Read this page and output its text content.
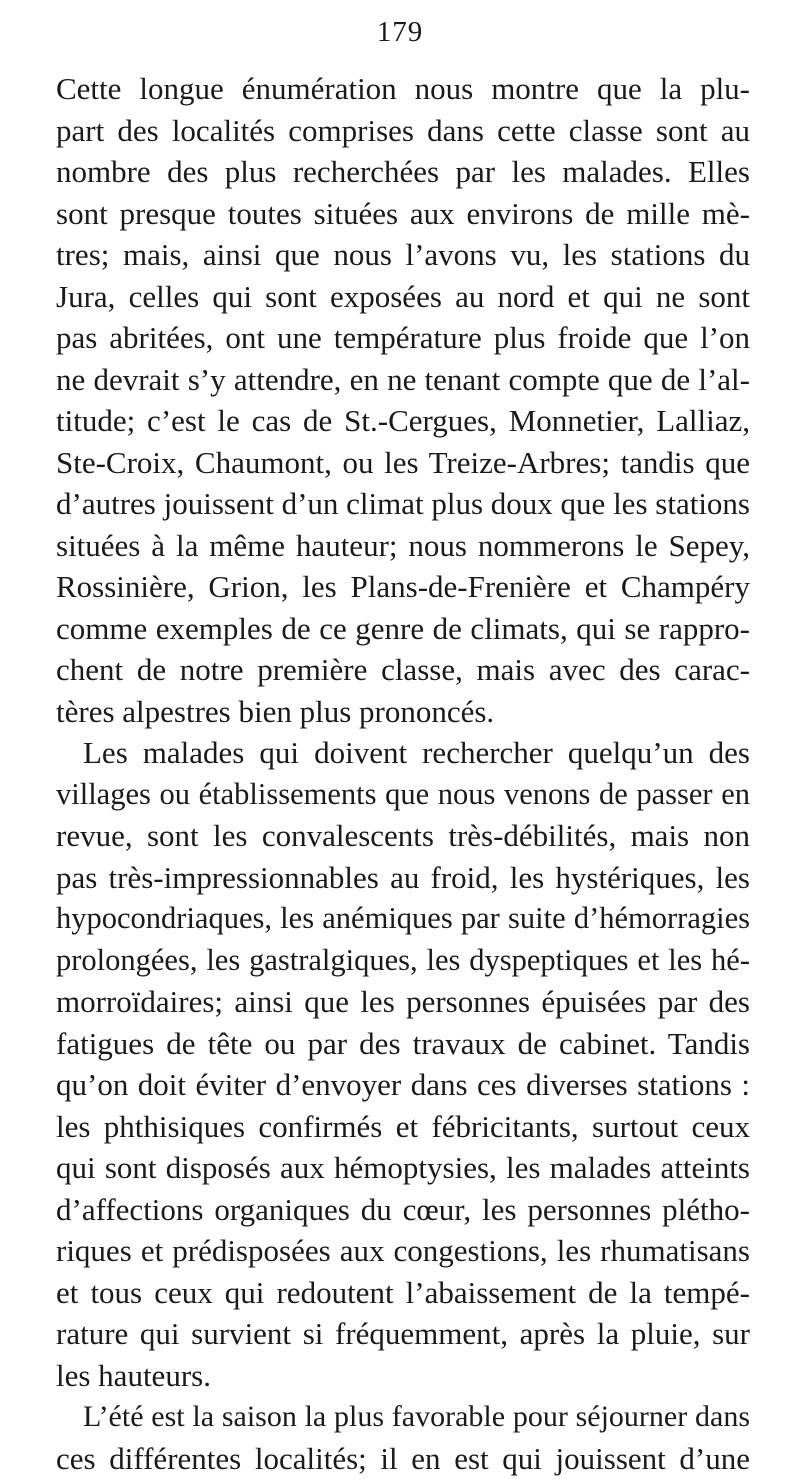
179
Cette longue énumération nous montre que la plu-
part des localités comprises dans cette classe sont au
nombre des plus recherchées par les malades. Elles
sont presque toutes situées aux environs de mille mè-
tres; mais, ainsi que nous l’avons vu, les stations du
Jura, celles qui sont exposées au nord et qui ne sont
pas abritées, ont une température plus froide que l’on
ne devrait s’y attendre, en ne tenant compte que de l’al-
titude; c’est le cas de St.-Cergues, Monnetier, Lalliaz,
Ste-Croix, Chaumont, ou les Treize-Arbres; tandis que
d’autres jouissent d’un climat plus doux que les stations
situées à la même hauteur; nous nommerons le Sepey,
Rossinière, Grion, les Plans-de-Frenière et Champéry
comme exemples de ce genre de climats, qui se rappro-
chent de notre première classe, mais avec des carac-
tères alpestres bien plus prononcés.
Les malades qui doivent rechercher quelqu’un des
villages ou établissements que nous venons de passer en
revue, sont les convalescents très-débilités, mais non
pas très-impressionnables au froid, les hystériques, les
hypocondriaques, les anémiques par suite d’hémorragies
prolongées, les gastralgiques, les dyspeptiques et les hé-
morroïdaires; ainsi que les personnes épuisées par des
fatigues de tête ou par des travaux de cabinet. Tandis
qu’on doit éviter d’envoyer dans ces diverses stations :
les phthisiques confirmés et fébricitants, surtout ceux
qui sont disposés aux hémoptysies, les malades atteints
d’affections organiques du cœur, les personnes plétho-
riques et prédisposées aux congestions, les rhumatisans
et tous ceux qui redoutent l’abaissement de la tempé-
rature qui survient si fréquemment, après la pluie, sur
les hauteurs.
L’été est la saison la plus favorable pour séjourner dans
ces différentes localités; il en est qui jouissent d’une
